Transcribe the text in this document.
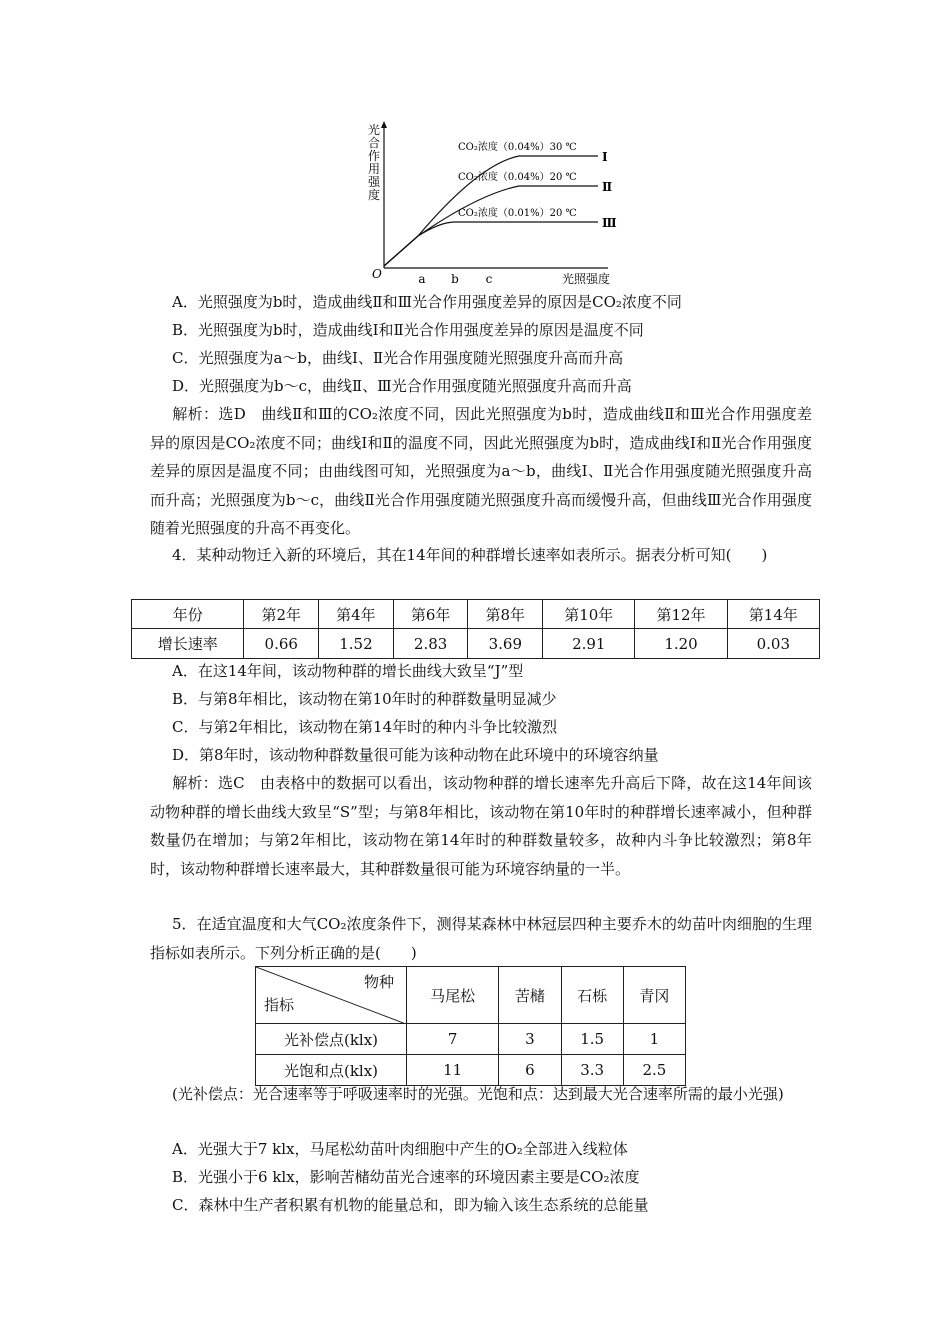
光合作用强度
O	光照强度
a b c
CO₂浓度（0.04%）30 ℃
Ⅰ
CO₂浓度（0.04%）20 ℃
Ⅱ
CO₂浓度（0.01%）20 ℃
Ⅲ
A．光照强度为b时，造成曲线Ⅱ和Ⅲ光合作用强度差异的原因是CO₂浓度不同
B．光照强度为b时，造成曲线Ⅰ和Ⅱ光合作用强度差异的原因是温度不同
C．光照强度为a～b，曲线Ⅰ、Ⅱ光合作用强度随光照强度升高而升高
D．光照强度为b～c，曲线Ⅱ、Ⅲ光合作用强度随光照强度升高而升高
解析：选D　曲线Ⅱ和Ⅲ的CO₂浓度不同，因此光照强度为b时，造成曲线Ⅱ和Ⅲ光合作用强度差异的原因是CO₂浓度不同；曲线Ⅰ和Ⅱ的温度不同，因此光照强度为b时，造成曲线Ⅰ和Ⅱ光合作用强度差异的原因是温度不同；由曲线图可知，光照强度为a～b，曲线Ⅰ、Ⅱ光合作用强度随光照强度升高而升高；光照强度为b～c，曲线Ⅱ光合作用强度随光照强度升高而缓慢升高，但曲线Ⅲ光合作用强度随着光照强度的升高不再变化。
4．某种动物迁入新的环境后，其在14年间的种群增长速率如表所示。据表分析可知(　　)
年份	第2年	第4年	第6年	第8年	第10年	第12年	第14年
增长速率	0.66	1.52	2.83	3.69	2.91	1.20	0.03
A．在这14年间，该动物种群的增长曲线大致呈“J”型
B．与第8年相比，该动物在第10年时的种群数量明显减少
C．与第2年相比，该动物在第14年时的种内斗争比较激烈
D．第8年时，该动物种群数量很可能为该种动物在此环境中的环境容纳量
解析：选C　由表格中的数据可以看出，该动物种群的增长速率先升高后下降，故在这14年间该动物种群的增长曲线大致呈“S”型；与第8年相比，该动物在第10年时的种群增长速率减小，但种群数量仍在增加；与第2年相比，该动物在第14年时的种群数量较多，故种内斗争比较激烈；第8年时，该动物种群增长速率最大，其种群数量很可能为环境容纳量的一半。
5．在适宜温度和大气CO₂浓度条件下，测得某森林中林冠层四种主要乔木的幼苗叶肉细胞的生理指标如表所示。下列分析正确的是(　　)
物种
指标	马尾松	苦槠	石栎	青冈
光补偿点(klx)	7	3	1.5	1
光饱和点(klx)	11	6	3.3	2.5
(光补偿点：光合速率等于呼吸速率时的光强。光饱和点：达到最大光合速率所需的最小光强)
A．光强大于7 klx，马尾松幼苗叶肉细胞中产生的O₂全部进入线粒体
B．光强小于6 klx，影响苦槠幼苗光合速率的环境因素主要是CO₂浓度
C．森林中生产者积累有机物的能量总和，即为输入该生态系统的总能量
